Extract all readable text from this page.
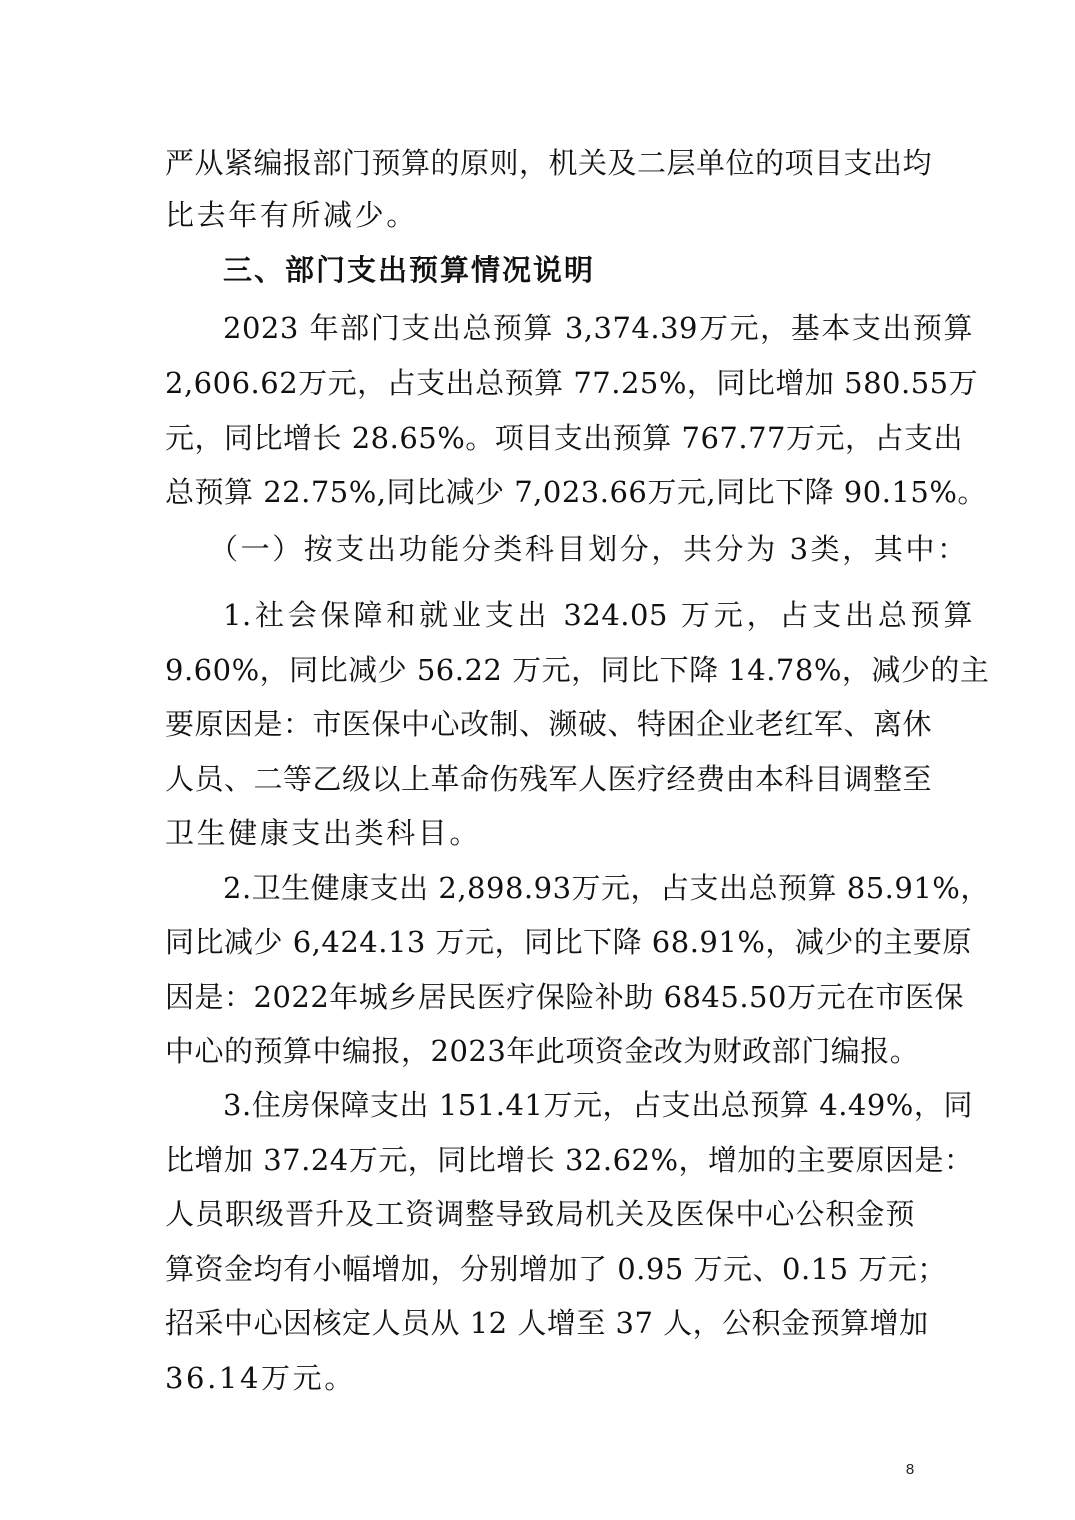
严从紧编报部门预算的原则，机关及二层单位的项目支出均
比去年有所减少。
三、部门支出预算情况说明
2023 年部门支出总预算 3,374.39万元，基本支出预算
2,606.62万元，占支出总预算 77.25%，同比增加 580.55万
元，同比增长 28.65%。项目支出预算 767.77万元，占支出
总预算 22.75%,同比减少 7,023.66万元,同比下降 90.15%。
（一）按支出功能分类科目划分，共分为 3类，其中：
1.社会保障和就业支出 324.05 万元，占支出总预算
9.60%，同比减少 56.22 万元，同比下降 14.78%，减少的主
要原因是：市医保中心改制、濒破、特困企业老红军、离休
人员、二等乙级以上革命伤残军人医疗经费由本科目调整至
卫生健康支出类科目。
2.卫生健康支出 2,898.93万元，占支出总预算 85.91%，
同比减少 6,424.13 万元，同比下降 68.91%，减少的主要原
因是：2022年城乡居民医疗保险补助 6845.50万元在市医保
中心的预算中编报，2023年此项资金改为财政部门编报。
3.住房保障支出 151.41万元，占支出总预算 4.49%，同
比增加 37.24万元，同比增长 32.62%，增加的主要原因是：
人员职级晋升及工资调整导致局机关及医保中心公积金预
算资金均有小幅增加，分别增加了 0.95 万元、0.15 万元；
招采中心因核定人员从 12 人增至 37 人，公积金预算增加
36.14万元。
8
